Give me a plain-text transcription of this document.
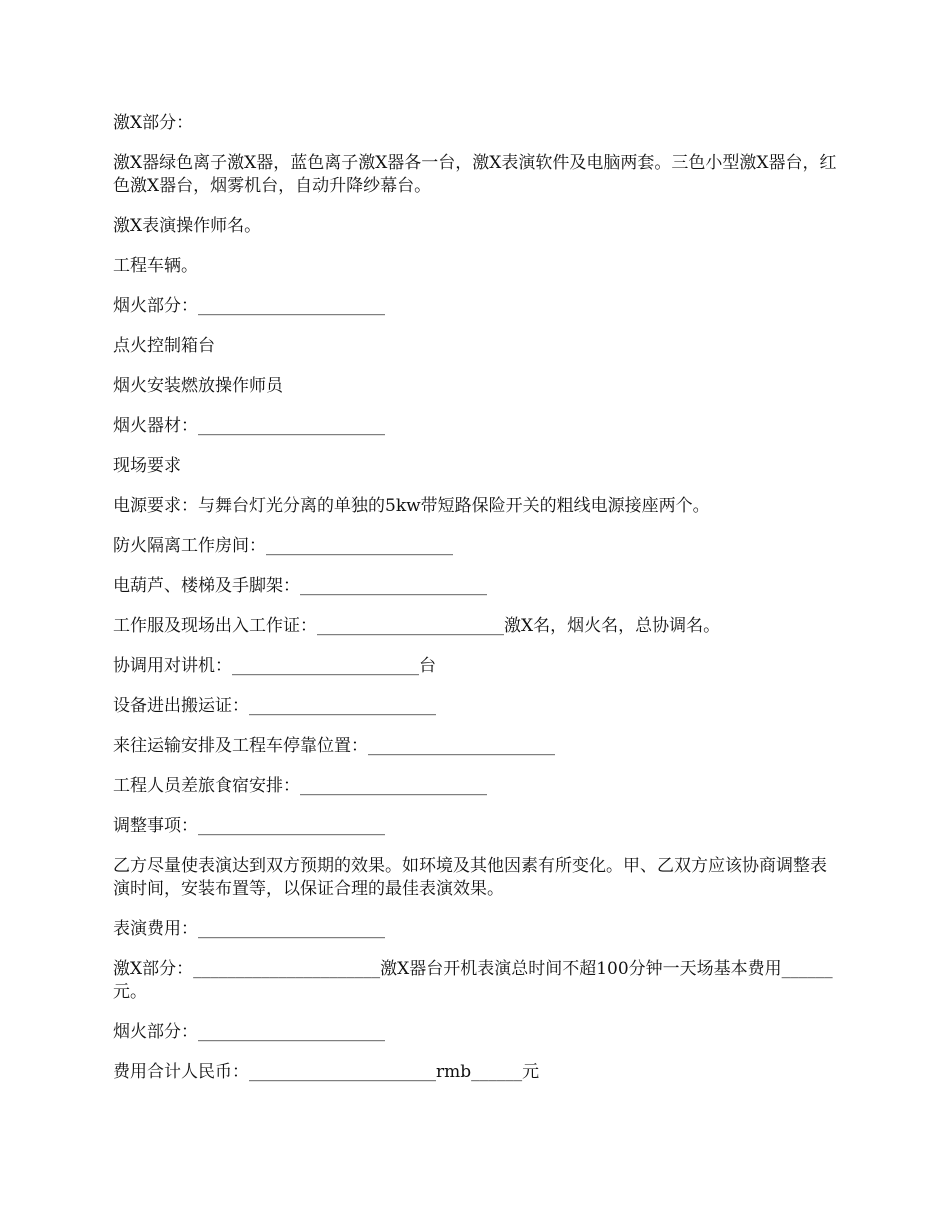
激X部分：

激X器绿色离子激X器，蓝色离子激X器各一台，激X表演软件及电脑两套。三色小型激X器台，红色激X器台，烟雾机台，自动升降纱幕台。

激X表演操作师名。

工程车辆。

烟火部分：______________________

点火控制箱台

烟火安装燃放操作师员

烟火器材：______________________

现场要求

电源要求：与舞台灯光分离的单独的5kw带短路保险开关的粗线电源接座两个。

防火隔离工作房间：______________________

电葫芦、楼梯及手脚架：______________________

工作服及现场出入工作证：______________________激X名，烟火名，总协调名。

协调用对讲机：______________________台

设备进出搬运证：______________________

来往运输安排及工程车停靠位置：______________________

工程人员差旅食宿安排：______________________

调整事项：______________________

乙方尽量使表演达到双方预期的效果。如环境及其他因素有所变化。甲、乙双方应该协商调整表演时间，安装布置等，以保证合理的最佳表演效果。

表演费用：______________________

激X部分：______________________激X器台开机表演总时间不超100分钟一天场基本费用______元。

烟火部分：______________________

费用合计人民币：______________________rmb______元
